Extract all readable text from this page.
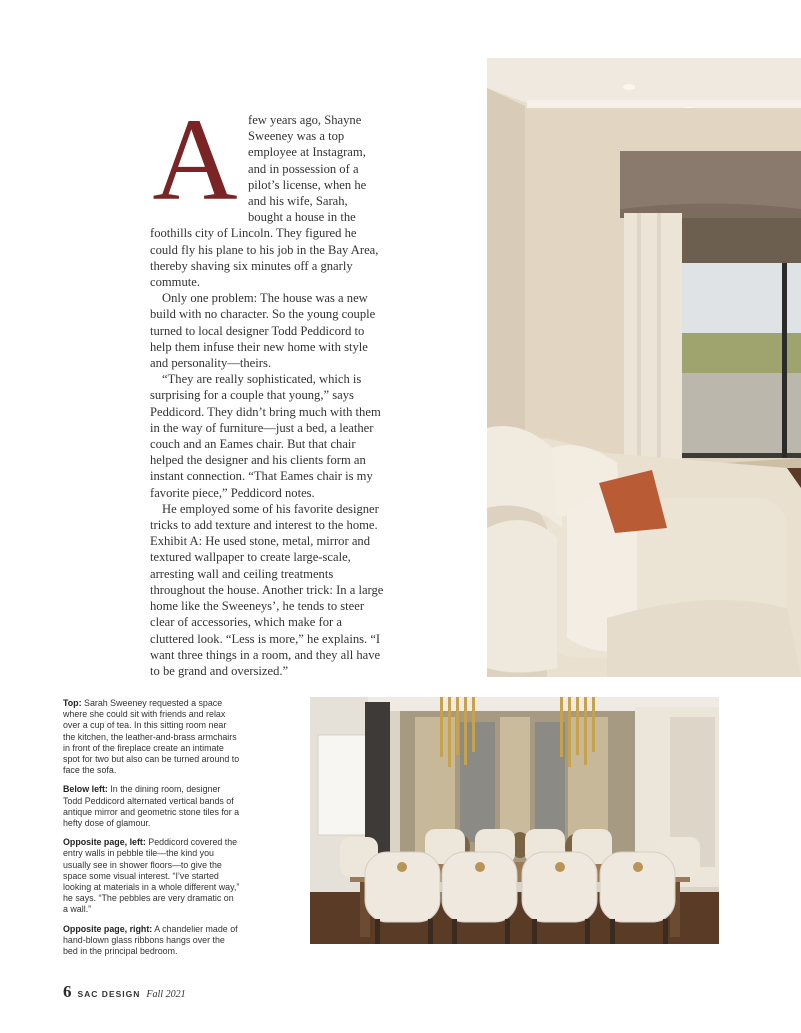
A few years ago, Shayne Sweeney was a top employee at Instagram, and in possession of a pilot’s license, when he and his wife, Sarah, bought a house in the foothills city of Lincoln. They figured he could fly his plane to his job in the Bay Area, thereby shaving six minutes off a gnarly commute.

Only one problem: The house was a new build with no character. So the young couple turned to local designer Todd Peddicord to help them infuse their new home with style and personality—theirs.

“They are really sophisticated, which is surprising for a couple that young,” says Peddicord. They didn’t bring much with them in the way of furniture—just a bed, a leather couch and an Eames chair. But that chair helped the designer and his clients form an instant connection. “That Eames chair is my favorite piece,” Peddicord notes.

He employed some of his favorite designer tricks to add texture and interest to the home. Exhibit A: He used stone, metal, mirror and textured wallpaper to create large-scale, arresting wall and ceiling treatments throughout the house. Another trick: In a large home like the Sweeneys’, he tends to steer clear of accessories, which make for a cluttered look. “Less is more,” he explains. “I want three things in a room, and they all have to be grand and oversized.”

Top: Sarah Sweeney requested a space where she could sit with friends and relax over a cup of tea. In this sitting room near the kitchen, the leather-and-brass armchairs in front of the fireplace create an intimate spot for two but also can be turned around to face the sofa.

Below left: In the dining room, designer Todd Peddicord alternated vertical bands of antique mirror and geometric stone tiles for a hefty dose of glamour.

Opposite page, left: Peddicord covered the entry walls in pebble tile—the kind you usually see in shower floors—to give the space some visual interest. “I’ve started looking at materials in a whole different way,” he says. “The pebbles are very dramatic on a wall.”

Opposite page, right: A chandelier made of hand-blown glass ribbons hangs over the bed in the principal bedroom.

6 SAC DESIGN Fall 2021
